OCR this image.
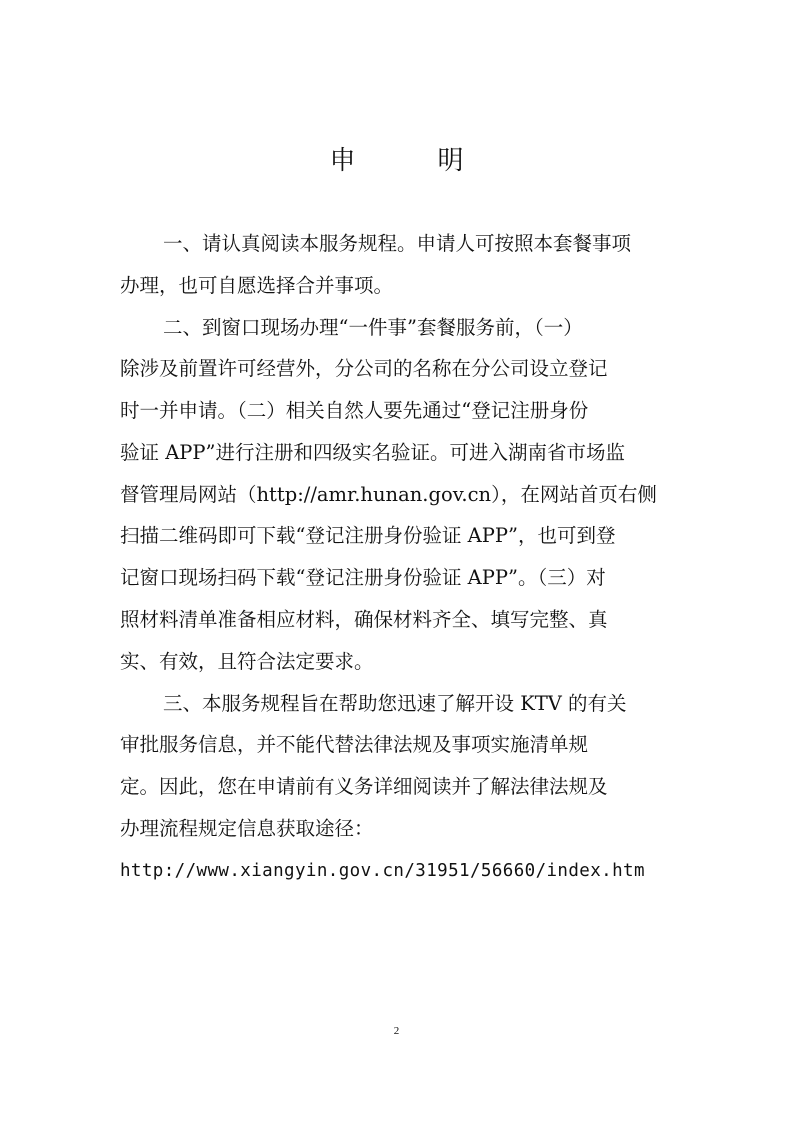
申　明
一、请认真阅读本服务规程。申请人可按照本套餐事项
办理，也可自愿选择合并事项。
二、到窗口现场办理“一件事”套餐服务前，（一）
除涉及前置许可经营外，分公司的名称在分公司设立登记
时一并申请。（二）相关自然人要先通过“登记注册身份
验证 APP”进行注册和四级实名验证。可进入湖南省市场监
督管理局网站（http://amr.hunan.gov.cn），在网站首页右侧
扫描二维码即可下载“登记注册身份验证 APP”，也可到登
记窗口现场扫码下载“登记注册身份验证 APP”。（三）对
照材料清单准备相应材料，确保材料齐全、填写完整、真
实、有效，且符合法定要求。
三、本服务规程旨在帮助您迅速了解开设 KTV 的有关
审批服务信息，并不能代替法律法规及事项实施清单规
定。因此，您在申请前有义务详细阅读并了解法律法规及
办理流程规定信息获取途径：
http://www.xiangyin.gov.cn/31951/56660/index.htm
2
